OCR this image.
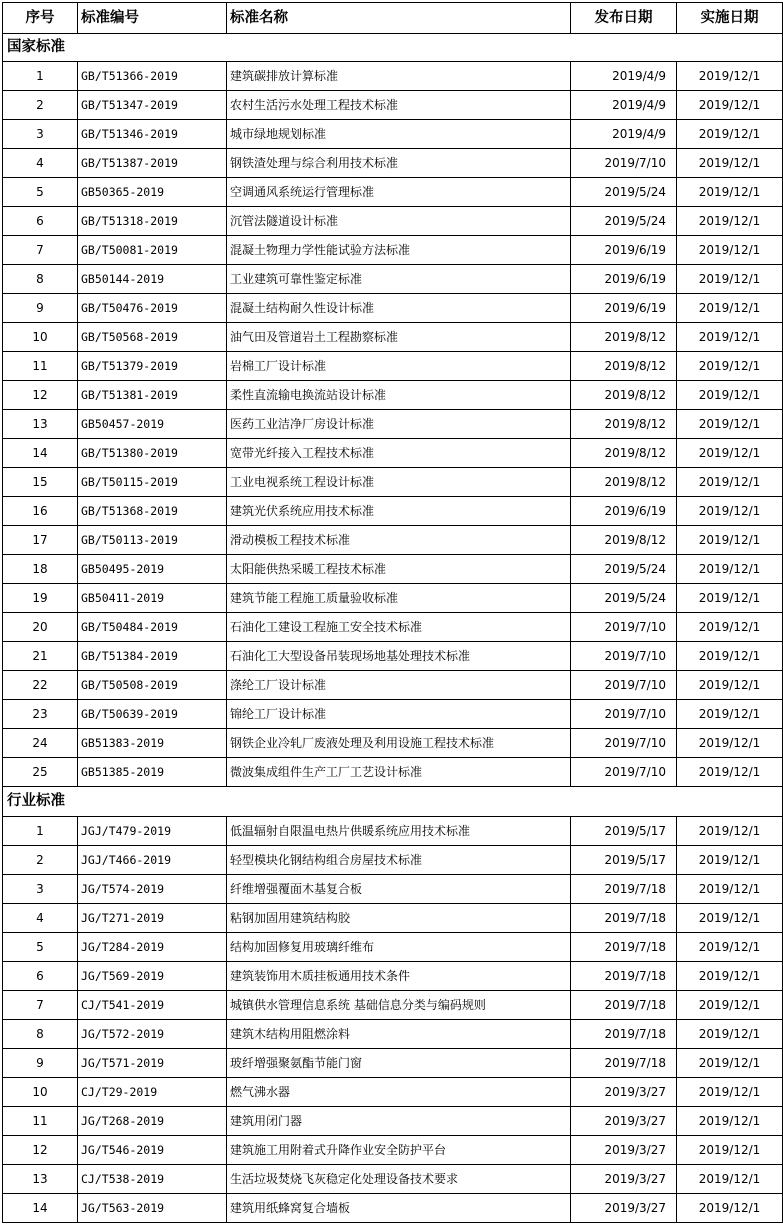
序号	标准编号	标准名称	发布日期	实施日期
国家标准				
1	GB/T51366-2019	建筑碳排放计算标准	2019/4/9	2019/12/1
2	GB/T51347-2019	农村生活污水处理工程技术标准	2019/4/9	2019/12/1
3	GB/T51346-2019	城市绿地规划标准	2019/4/9	2019/12/1
4	GB/T51387-2019	钢铁渣处理与综合利用技术标准	2019/7/10	2019/12/1
5	GB50365-2019	空调通风系统运行管理标准	2019/5/24	2019/12/1
6	GB/T51318-2019	沉管法隧道设计标准	2019/5/24	2019/12/1
7	GB/T50081-2019	混凝土物理力学性能试验方法标准	2019/6/19	2019/12/1
8	GB50144-2019	工业建筑可靠性鉴定标准	2019/6/19	2019/12/1
9	GB/T50476-2019	混凝土结构耐久性设计标准	2019/6/19	2019/12/1
10	GB/T50568-2019	油气田及管道岩土工程勘察标准	2019/8/12	2019/12/1
11	GB/T51379-2019	岩棉工厂设计标准	2019/8/12	2019/12/1
12	GB/T51381-2019	柔性直流输电换流站设计标准	2019/8/12	2019/12/1
13	GB50457-2019	医药工业洁净厂房设计标准	2019/8/12	2019/12/1
14	GB/T51380-2019	宽带光纤接入工程技术标准	2019/8/12	2019/12/1
15	GB/T50115-2019	工业电视系统工程设计标准	2019/8/12	2019/12/1
16	GB/T51368-2019	建筑光伏系统应用技术标准	2019/6/19	2019/12/1
17	GB/T50113-2019	滑动模板工程技术标准	2019/8/12	2019/12/1
18	GB50495-2019	太阳能供热采暖工程技术标准	2019/5/24	2019/12/1
19	GB50411-2019	建筑节能工程施工质量验收标准	2019/5/24	2019/12/1
20	GB/T50484-2019	石油化工建设工程施工安全技术标准	2019/7/10	2019/12/1
21	GB/T51384-2019	石油化工大型设备吊装现场地基处理技术标准	2019/7/10	2019/12/1
22	GB/T50508-2019	涤纶工厂设计标准	2019/7/10	2019/12/1
23	GB/T50639-2019	锦纶工厂设计标准	2019/7/10	2019/12/1
24	GB51383-2019	钢铁企业冷轧厂废液处理及利用设施工程技术标准	2019/7/10	2019/12/1
25	GB51385-2019	微波集成组件生产工厂工艺设计标准	2019/7/10	2019/12/1
行业标准				
1	JGJ/T479-2019	低温辐射自限温电热片供暖系统应用技术标准	2019/5/17	2019/12/1
2	JGJ/T466-2019	轻型模块化钢结构组合房屋技术标准	2019/5/17	2019/12/1
3	JG/T574-2019	纤维增强覆面木基复合板	2019/7/18	2019/12/1
4	JG/T271-2019	粘钢加固用建筑结构胶	2019/7/18	2019/12/1
5	JG/T284-2019	结构加固修复用玻璃纤维布	2019/7/18	2019/12/1
6	JG/T569-2019	建筑装饰用木质挂板通用技术条件	2019/7/18	2019/12/1
7	CJ/T541-2019	城镇供水管理信息系统 基础信息分类与编码规则	2019/7/18	2019/12/1
8	JG/T572-2019	建筑木结构用阻燃涂料	2019/7/18	2019/12/1
9	JG/T571-2019	玻纤增强聚氨酯节能门窗	2019/7/18	2019/12/1
10	CJ/T29-2019	燃气沸水器	2019/3/27	2019/12/1
11	JG/T268-2019	建筑用闭门器	2019/3/27	2019/12/1
12	JG/T546-2019	建筑施工用附着式升降作业安全防护平台	2019/3/27	2019/12/1
13	CJ/T538-2019	生活垃圾焚烧飞灰稳定化处理设备技术要求	2019/3/27	2019/12/1
14	JG/T563-2019	建筑用纸蜂窝复合墙板	2019/3/27	2019/12/1
